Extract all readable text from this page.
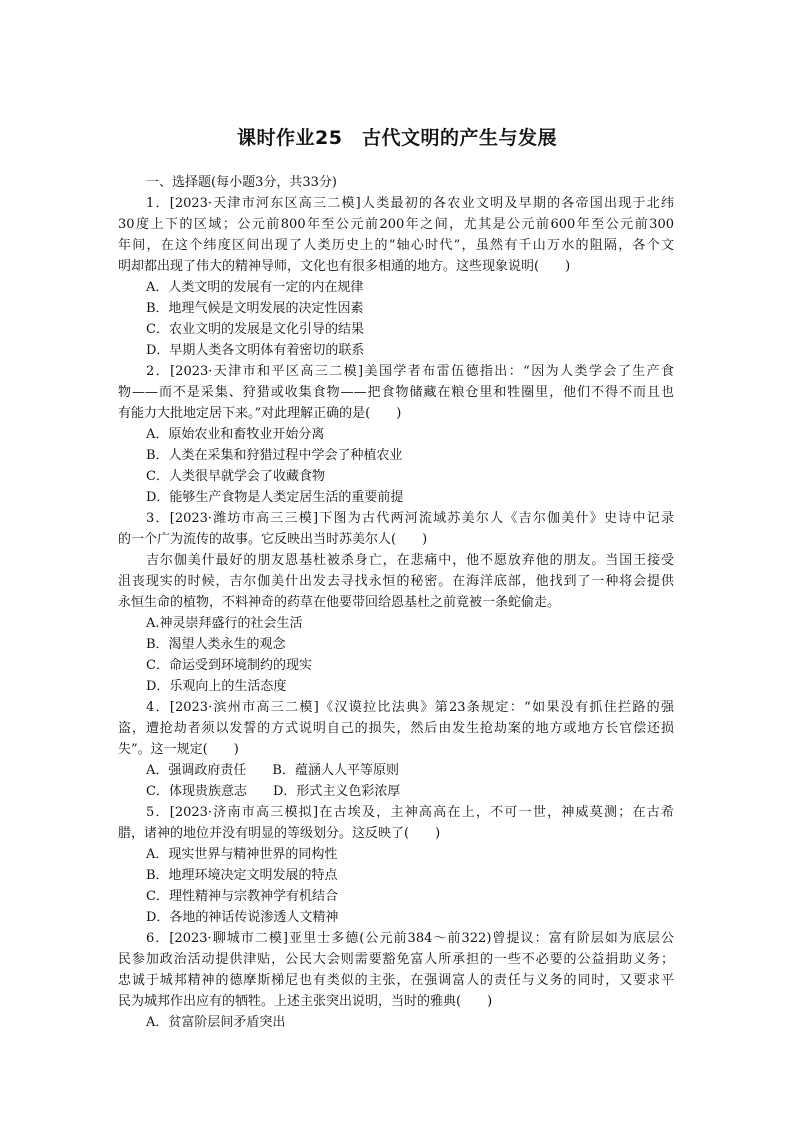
课时作业25　古代文明的产生与发展
一、选择题(每小题3分，共33分)
1．[2023·天津市河东区高三二模]人类最初的各农业文明及早期的各帝国出现于北纬
30度上下的区域；公元前800年至公元前200年之间，尤其是公元前600年至公元前300
年间，在这个纬度区间出现了人类历史上的“轴心时代”，虽然有千山万水的阻隔，各个文
明却都出现了伟大的精神导师，文化也有很多相通的地方。这些现象说明(　　)
A．人类文明的发展有一定的内在规律
B．地理气候是文明发展的决定性因素
C．农业文明的发展是文化引导的结果
D．早期人类各文明体有着密切的联系
2．[2023·天津市和平区高三二模]美国学者布雷伍德指出：“因为人类学会了生产食
物——而不是采集、狩猎或收集食物——把食物储藏在粮仓里和牲圈里，他们不得不而且也
有能力大批地定居下来。”对此理解正确的是(　　)
A．原始农业和畜牧业开始分离
B．人类在采集和狩猎过程中学会了种植农业
C．人类很早就学会了收藏食物
D．能够生产食物是人类定居生活的重要前提
3．[2023·潍坊市高三三模]下图为古代两河流域苏美尔人《吉尔伽美什》史诗中记录
的一个广为流传的故事。它反映出当时苏美尔人(　　)
吉尔伽美什最好的朋友恩基杜被杀身亡，在悲痛中，他不愿放弃他的朋友。当国王接受
沮丧现实的时候，吉尔伽美什出发去寻找永恒的秘密。在海洋底部，他找到了一种将会提供
永恒生命的植物，不料神奇的药草在他要带回给恩基杜之前竟被一条蛇偷走。
A.神灵崇拜盛行的社会生活
B．渴望人类永生的观念
C．命运受到环境制约的现实
D．乐观向上的生活态度
4．[2023·滨州市高三二模]《汉谟拉比法典》第23条规定：“如果没有抓住拦路的强
盗，遭抢劫者须以发誓的方式说明自己的损失，然后由发生抢劫案的地方或地方长官偿还损
失”。这一规定(　　)
A．强调政府责任　　B．蕴涵人人平等原则
C．体现贵族意志　　D．形式主义色彩浓厚
5．[2023·济南市高三模拟]在古埃及，主神高高在上，不可一世，神威莫测；在古希
腊，诸神的地位并没有明显的等级划分。这反映了(　　)
A．现实世界与精神世界的同构性
B．地理环境决定文明发展的特点
C．理性精神与宗教神学有机结合
D．各地的神话传说渗透人文精神
6．[2023·聊城市二模]亚里士多德(公元前384～前322)曾提议：富有阶层如为底层公
民参加政治活动提供津贴，公民大会则需要豁免富人所承担的一些不必要的公益捐助义务；
忠诚于城邦精神的德摩斯梯尼也有类似的主张，在强调富人的责任与义务的同时，又要求平
民为城邦作出应有的牺牲。上述主张突出说明，当时的雅典(　　)
A．贫富阶层间矛盾突出
